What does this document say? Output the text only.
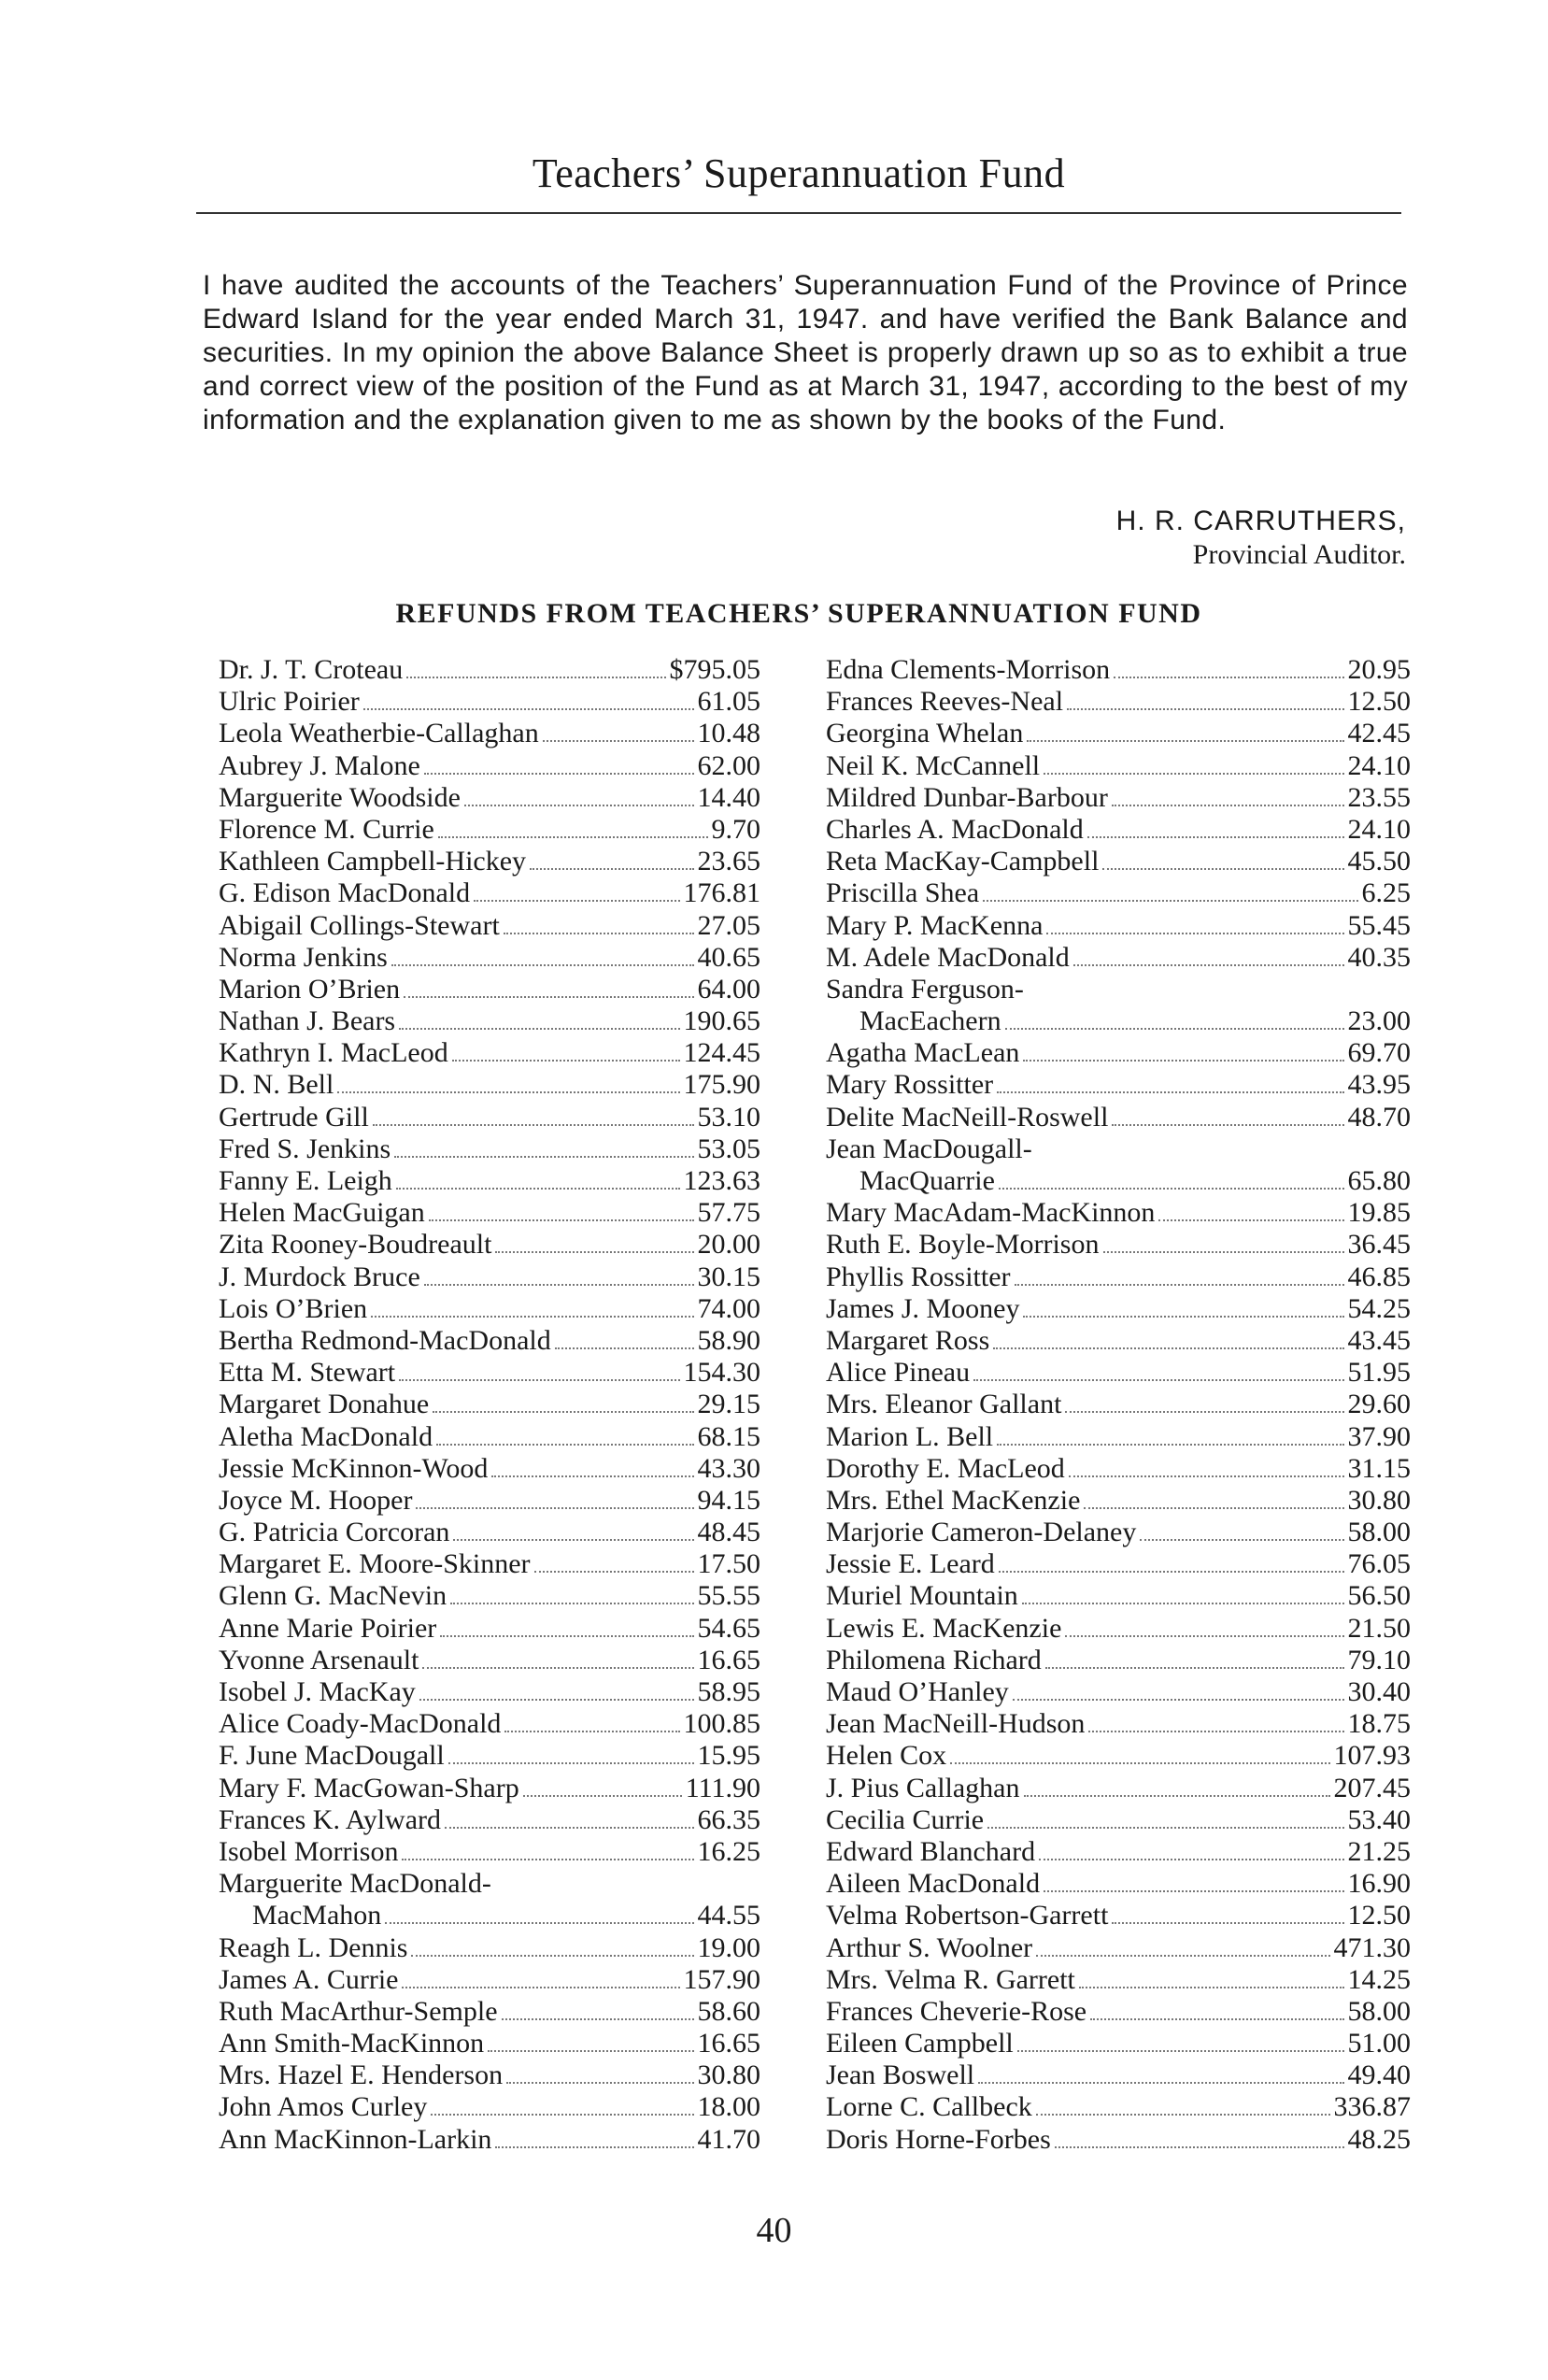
Teachers’ Superannuation Fund
I have audited the accounts of the Teachers’ Superannuation Fund of the Province of Prince Edward Island for the year ended March 31, 1947. and have verified the Bank Balance and securities. In my opinion the above Balance Sheet is properly drawn up so as to exhibit a true and correct view of the position of the Fund as at March 31, 1947, according to the best of my information and the explanation given to me as shown by the books of the Fund.
H. R. CARRUTHERS,
Provincial Auditor.
REFUNDS FROM TEACHERS’ SUPERANNUATION FUND
Dr. J. T. Croteau	$795.05
Ulric Poirier	61.05
Leola Weatherbie-Callaghan	10.48
Aubrey J. Malone	62.00
Marguerite Woodside	14.40
Florence M. Currie	9.70
Kathleen Campbell-Hickey	23.65
G. Edison MacDonald	176.81
Abigail Collings-Stewart	27.05
Norma Jenkins	40.65
Marion O’Brien	64.00
Nathan J. Bears	190.65
Kathryn I. MacLeod	124.45
D. N. Bell	175.90
Gertrude Gill	53.10
Fred S. Jenkins	53.05
Fanny E. Leigh	123.63
Helen MacGuigan	57.75
Zita Rooney-Boudreault	20.00
J. Murdock Bruce	30.15
Lois O’Brien	74.00
Bertha Redmond-MacDonald	58.90
Etta M. Stewart	154.30
Margaret Donahue	29.15
Aletha MacDonald	68.15
Jessie McKinnon-Wood	43.30
Joyce M. Hooper	94.15
G. Patricia Corcoran	48.45
Margaret E. Moore-Skinner	17.50
Glenn G. MacNevin	55.55
Anne Marie Poirier	54.65
Yvonne Arsenault	16.65
Isobel J. MacKay	58.95
Alice Coady-MacDonald	100.85
F. June MacDougall	15.95
Mary F. MacGowan-Sharp	111.90
Frances K. Aylward	66.35
Isobel Morrison	16.25
Marguerite MacDonald-
MacMahon	44.55
Reagh L. Dennis	19.00
James A. Currie	157.90
Ruth MacArthur-Semple	58.60
Ann Smith-MacKinnon	16.65
Mrs. Hazel E. Henderson	30.80
John Amos Curley	18.00
Ann MacKinnon-Larkin	41.70
Edna Clements-Morrison	20.95
Frances Reeves-Neal	12.50
Georgina Whelan	42.45
Neil K. McCannell	24.10
Mildred Dunbar-Barbour	23.55
Charles A. MacDonald	24.10
Reta MacKay-Campbell	45.50
Priscilla Shea	6.25
Mary P. MacKenna	55.45
M. Adele MacDonald	40.35
Sandra Ferguson-
MacEachern	23.00
Agatha MacLean	69.70
Mary Rossitter	43.95
Delite MacNeill-Roswell	48.70
Jean MacDougall-
MacQuarrie	65.80
Mary MacAdam-MacKinnon	19.85
Ruth E. Boyle-Morrison	36.45
Phyllis Rossitter	46.85
James J. Mooney	54.25
Margaret Ross	43.45
Alice Pineau	51.95
Mrs. Eleanor Gallant	29.60
Marion L. Bell	37.90
Dorothy E. MacLeod	31.15
Mrs. Ethel MacKenzie	30.80
Marjorie Cameron-Delaney	58.00
Jessie E. Leard	76.05
Muriel Mountain	56.50
Lewis E. MacKenzie	21.50
Philomena Richard	79.10
Maud O’Hanley	30.40
Jean MacNeill-Hudson	18.75
Helen Cox	107.93
J. Pius Callaghan	207.45
Cecilia Currie	53.40
Edward Blanchard	21.25
Aileen MacDonald	16.90
Velma Robertson-Garrett	12.50
Arthur S. Woolner	471.30
Mrs. Velma R. Garrett	14.25
Frances Cheverie-Rose	58.00
Eileen Campbell	51.00
Jean Boswell	49.40
Lorne C. Callbeck	336.87
Doris Horne-Forbes	48.25
40
